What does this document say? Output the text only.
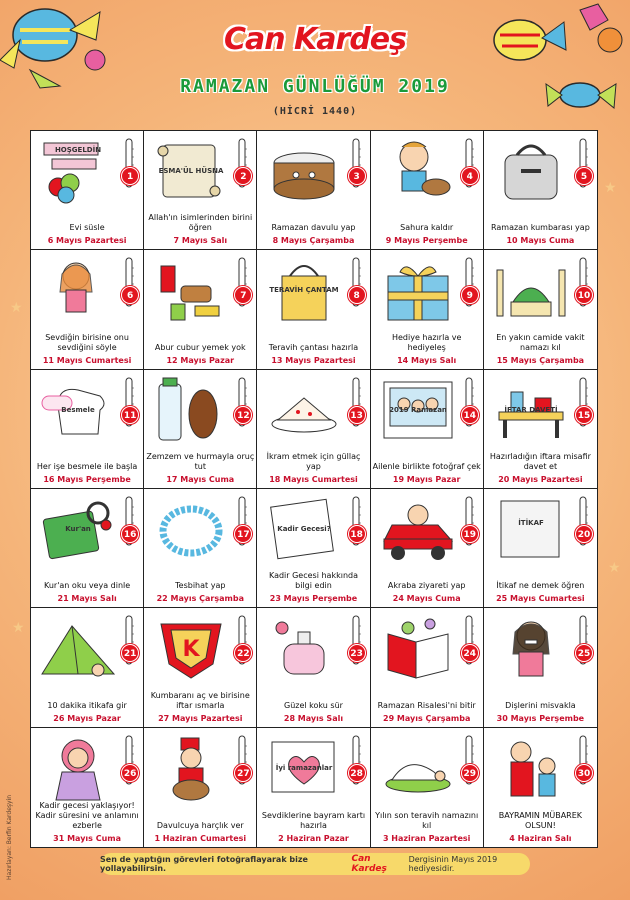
Can Kardeş
RAMAZAN GÜNLÜĞÜM 2019
(HİCRİ 1440)
★
★
★
★
HOŞGELDİN
1
Evi süsle
6 Mayıs Pazartesi
ESMA'ÜL HÜSNA
2
Allah'ın isimlerinden birini öğren
7 Mayıs Salı
3
Ramazan davulu yap
8 Mayıs Çarşamba
4
Sahura kaldır
9 Mayıs Perşembe
5
Ramazan kumbarası yap
10 Mayıs Cuma
6
Sevdiğin birisine onu sevdiğini söyle
11 Mayıs Cumartesi
7
Abur cubur yemek yok
12 Mayıs Pazar
TERAVİH ÇANTAM
8
Teravih çantası hazırla
13 Mayıs Pazartesi
9
Hediye hazırla ve hediyeleş
14 Mayıs Salı
10
En yakın camide vakit namazı kıl
15 Mayıs Çarşamba
Besmele
11
Her işe besmele ile başla
16 Mayıs Perşembe
12
Zemzem ve hurmayla oruç tut
17 Mayıs Cuma
13
İkram etmek için güllaç yap
18 Mayıs Cumartesi
2019 Ramazan
14
Ailenle birlikte fotoğraf çek
19 Mayıs Pazar
İFTAR DAVETİ
15
Hazırladığın iftara misafir davet et
20 Mayıs Pazartesi
Kur'an
16
Kur'an oku veya dinle
21 Mayıs Salı
17
Tesbihat yap
22 Mayıs Çarşamba
Kadir Gecesi?
18
Kadir Gecesi hakkında bilgi edin
23 Mayıs Perşembe
19
Akraba ziyareti yap
24 Mayıs Cuma
İTİKAF
20
İtikaf ne demek öğren
25 Mayıs Cumartesi
21
10 dakika itikafa gir
26 Mayıs Pazar
K	22
Kumbaranı aç ve birisine iftar ısmarla
27 Mayıs Pazartesi
23
Güzel koku sür
28 Mayıs Salı
24
Ramazan Risalesi'ni bitir
29 Mayıs Çarşamba
25
Dişlerini misvakla
30 Mayıs Perşembe
26
Kadir gecesi yaklaşıyor! Kadir süresini ve anlamını ezberle
31 Mayıs Cuma
27
Davulcuya harçlık ver
1 Haziran Cumartesi
İyi ramazanlar
28
Sevdiklerine bayram kartı hazırla
2 Haziran Pazar
29
Yılın son teravih namazını kıl
3 Haziran Pazartesi
30
BAYRAMIN MÜBAREK OLSUN!
4 Haziran Salı
Hazırlayan: Berfin Kardeşyin	Sen de yaptığın görevleri fotoğraflayarak bize yollayabilirsin.
Can Kardeş
Dergisinin Mayıs 2019 hediyesidir.
